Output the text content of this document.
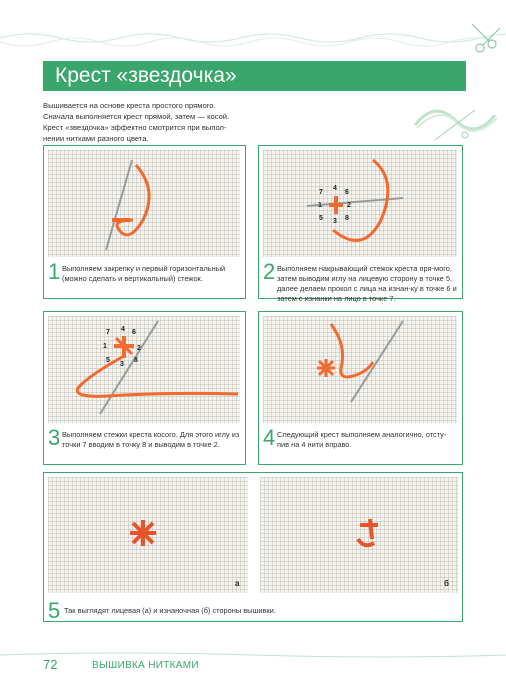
Крест «звездочка»

Вышивается на основе креста простого прямого.

Сначала выполняется крест прямой, затем — косой.

Крест «звездочка» эффектно смотрится при выпол-

нении нитками разного цвета.

1 Выполняем закрепку и первый горизонтальный (можно сделать и вертикальный) стежок.
7
4
6
1	2
5 3 8
2 Выполняем накрывающий стежок креста пря-мого, затем выводим иглу на лицевую сторону в точке 5, далее делаем прокол с лица на изнан-ку в точке 6 и затем с изнанки на лицо в точке 7.
7 4 6
1	2
5
3
8
3 Выполняем стежки креста косого. Для этого иглу из точки 7 вводим в точку 8 и выводим в точке 2.	4 Следующий крест выполняем аналогично, отсту-пив на 4 нити вправо.
а	б
5 Так выглядят лицевая (а) и изнаночная (б) стороны вышивки.
72	ВЫШИВКА НИТКАМИ
